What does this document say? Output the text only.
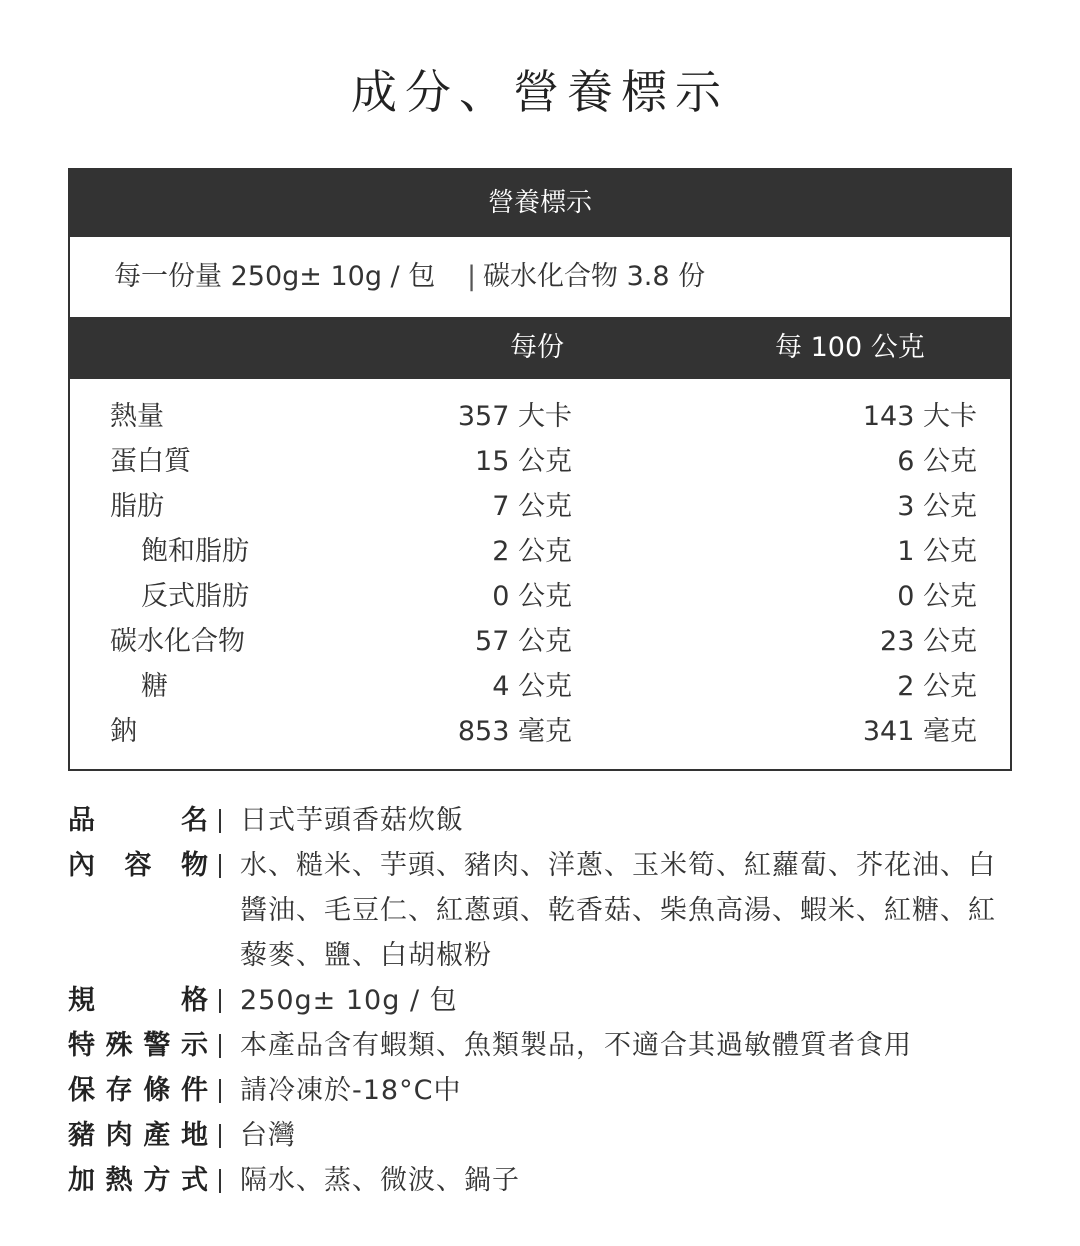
成分、營養標示
營養標示
每一份量 250g± 10g / 包 | 碳水化合物 3.8 份
每份	每 100 公克
熱量	357 大卡	143 大卡
蛋白質	15 公克	6 公克
脂肪	7 公克	3 公克
飽和脂肪	2 公克	1 公克
反式脂肪	0 公克	0 公克
碳水化合物	57 公克	23 公克
糖	4 公克	2 公克
鈉	853 毫克	341 毫克
品	名 日式芋頭香菇炊飯
內 容 物 水、糙米、芋頭、豬肉、洋蔥、玉米筍、紅蘿蔔、芥花油、白醬油、毛豆仁、紅蔥頭、乾香菇、柴魚高湯、蝦米、紅糖、紅藜麥、鹽、白胡椒粉
規	格 250g± 10g / 包
特 殊 警 示 本產品含有蝦類、魚類製品，不適合其過敏體質者食用
保 存 條 件 請冷凍於-18°C中
豬 肉 產 地 台灣
加 熱 方 式 隔水、蒸、微波、鍋子
